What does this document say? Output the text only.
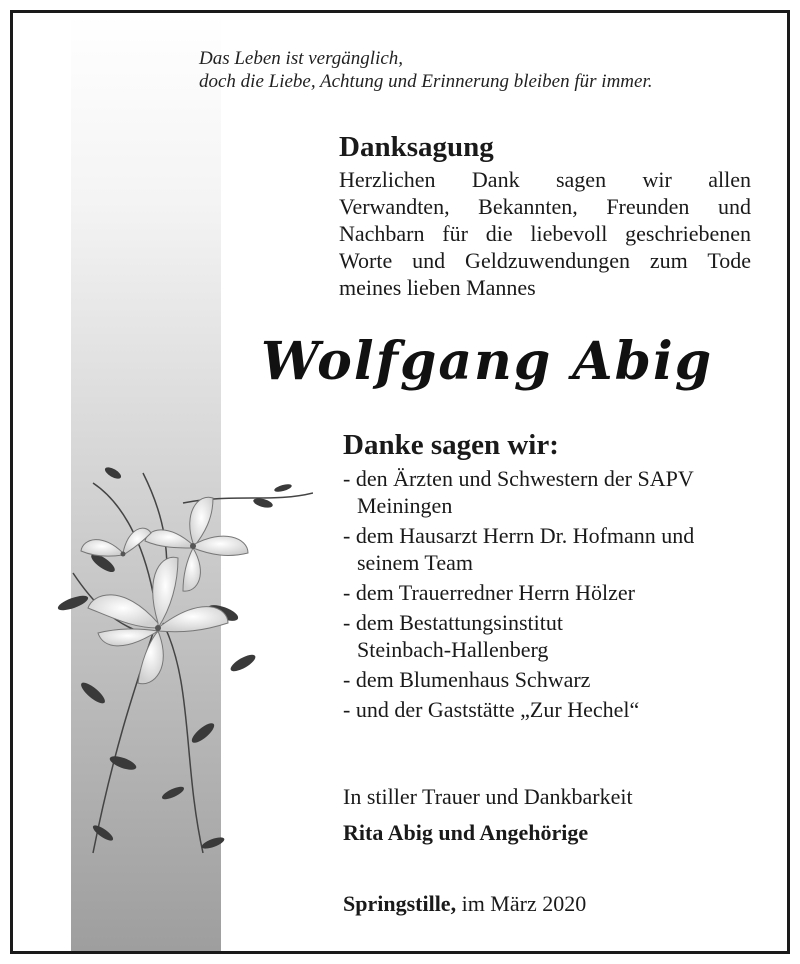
Das Leben ist vergänglich,
doch die Liebe, Achtung und Erinnerung bleiben für immer.
Danksagung
Herzlichen Dank sagen wir allen
Verwandten, Bekannten, Freunden und
Nachbarn für die liebevoll geschriebenen
Worte und Geldzuwendungen zum Tode
meines lieben Mannes
Wolfgang Abig
Danke sagen wir:
- den Ärzten und Schwestern der SAPV
Meiningen
- dem Hausarzt Herrn Dr. Hofmann und
seinem Team
- dem Trauerredner Herrn Hölzer
- dem Bestattungsinstitut
Steinbach-Hallenberg
- dem Blumenhaus Schwarz
- und der Gaststätte „Zur Hechel“
In stiller Trauer und Dankbarkeit
Rita Abig und Angehörige
Springstille, im März 2020
